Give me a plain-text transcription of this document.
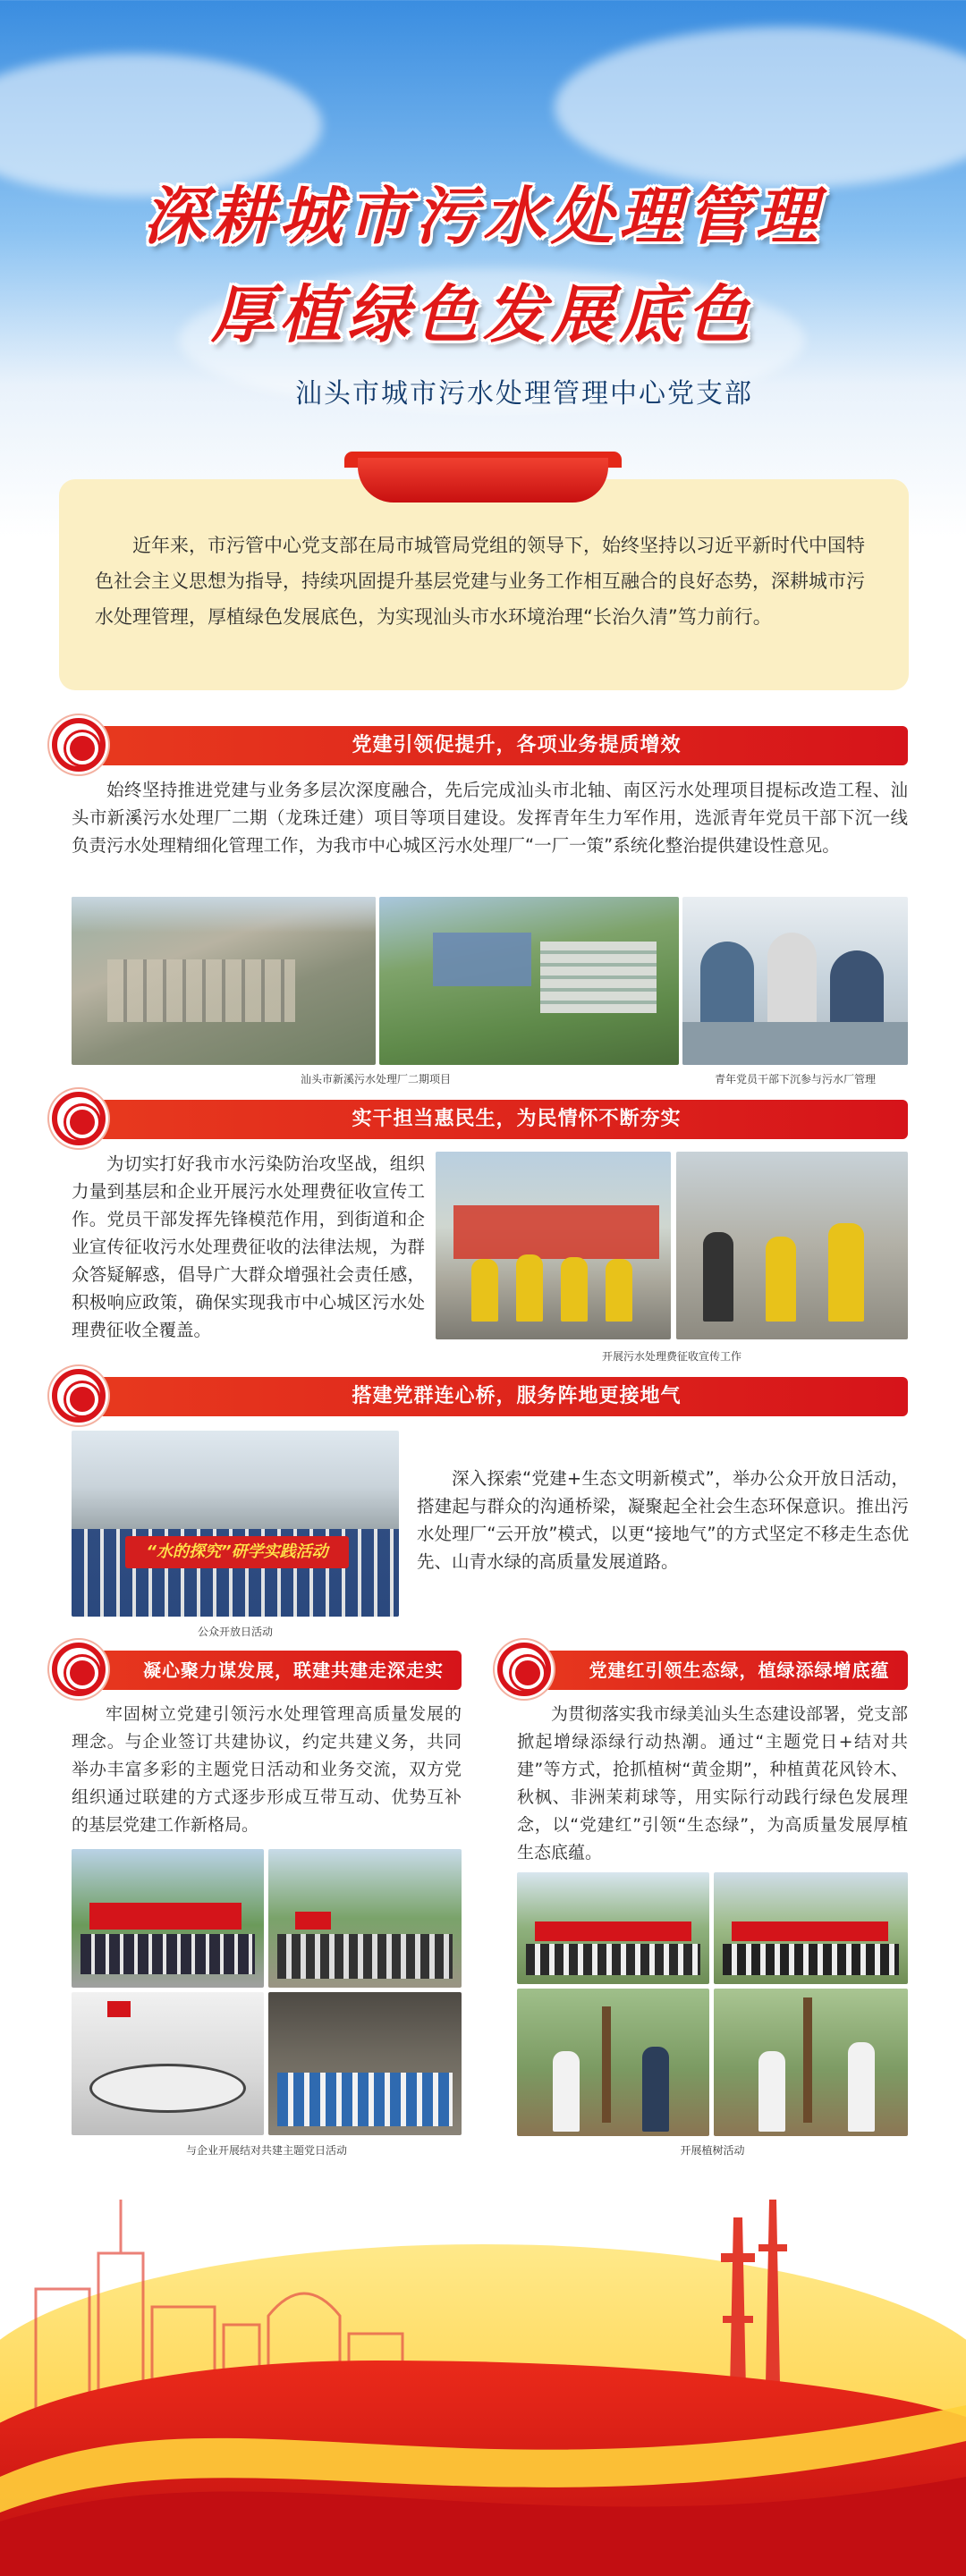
深耕城市污水处理管理
厚植绿色发展底色
汕头市城市污水处理管理中心党支部
近年来，市污管中心党支部在局市城管局党组的领导下，始终坚持以习近平新时代中国特色社会主义思想为指导，持续巩固提升基层党建与业务工作相互融合的良好态势，深耕城市污水处理管理，厚植绿色发展底色，为实现汕头市水环境治理“长治久清”笃力前行。
党建引领促提升，各项业务提质增效
始终坚持推进党建与业务多层次深度融合，先后完成汕头市北轴、南区污水处理项目提标改造工程、汕头市新溪污水处理厂二期（龙珠迁建）项目等项目建设。发挥青年生力军作用，选派青年党员干部下沉一线负责污水处理精细化管理工作，为我市中心城区污水处理厂“一厂一策”系统化整治提供建设性意见。
汕头市新溪污水处理厂二期项目	青年党员干部下沉参与污水厂管理
实干担当惠民生，为民情怀不断夯实
为切实打好我市水污染防治攻坚战，组织力量到基层和企业开展污水处理费征收宣传工作。党员干部发挥先锋模范作用，到街道和企业宣传征收污水处理费征收的法律法规，为群众答疑解惑，倡导广大群众增强社会责任感，积极响应政策，确保实现我市中心城区污水处理费征收全覆盖。
开展污水处理费征收宣传工作
搭建党群连心桥，服务阵地更接地气
“水的探究”研学实践活动
公众开放日活动
深入探索“党建+生态文明新模式”，举办公众开放日活动，搭建起与群众的沟通桥梁，凝聚起全社会生态环保意识。推出污水处理厂“云开放”模式，以更“接地气”的方式坚定不移走生态优先、山青水绿的高质量发展道路。
凝心聚力谋发展，联建共建走深走实
牢固树立党建引领污水处理管理高质量发展的理念。与企业签订共建协议，约定共建义务，共同举办丰富多彩的主题党日活动和业务交流，双方党组织通过联建的方式逐步形成互带互动、优势互补的基层党建工作新格局。
与企业开展结对共建主题党日活动
党建红引领生态绿，植绿添绿增底蕴
为贯彻落实我市绿美汕头生态建设部署，党支部掀起增绿添绿行动热潮。通过“主题党日+结对共建”等方式，抢抓植树“黄金期”，种植黄花风铃木、秋枫、非洲茉莉球等，用实际行动践行绿色发展理念，以“党建红”引领“生态绿”，为高质量发展厚植生态底蕴。
开展植树活动
